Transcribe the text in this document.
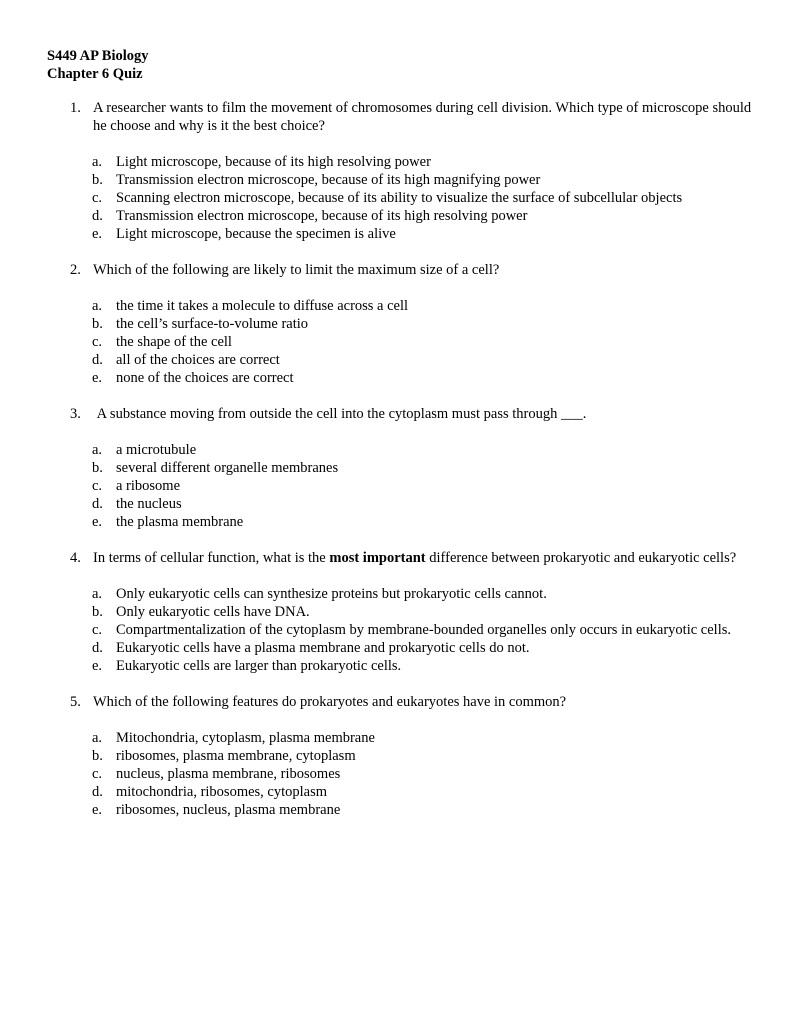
S449 AP Biology
Chapter 6 Quiz
1. A researcher wants to film the movement of chromosomes during cell division. Which type of microscope should he choose and why is it the best choice?
a. Light microscope, because of its high resolving power
b. Transmission electron microscope, because of its high magnifying power
c. Scanning electron microscope, because of its ability to visualize the surface of subcellular objects
d. Transmission electron microscope, because of its high resolving power
e. Light microscope, because the specimen is alive
2. Which of the following are likely to limit the maximum size of a cell?
a. the time it takes a molecule to diffuse across a cell
b. the cell’s surface-to-volume ratio
c. the shape of the cell
d. all of the choices are correct
e. none of the choices are correct
3. A substance moving from outside the cell into the cytoplasm must pass through ___.
a. a microtubule
b. several different organelle membranes
c. a ribosome
d. the nucleus
e. the plasma membrane
4. In terms of cellular function, what is the most important difference between prokaryotic and eukaryotic cells?
a. Only eukaryotic cells can synthesize proteins but prokaryotic cells cannot.
b. Only eukaryotic cells have DNA.
c. Compartmentalization of the cytoplasm by membrane-bounded organelles only occurs in eukaryotic cells.
d. Eukaryotic cells have a plasma membrane and prokaryotic cells do not.
e. Eukaryotic cells are larger than prokaryotic cells.
5. Which of the following features do prokaryotes and eukaryotes have in common?
a. Mitochondria, cytoplasm, plasma membrane
b. ribosomes, plasma membrane, cytoplasm
c. nucleus, plasma membrane, ribosomes
d. mitochondria, ribosomes, cytoplasm
e. ribosomes, nucleus, plasma membrane
